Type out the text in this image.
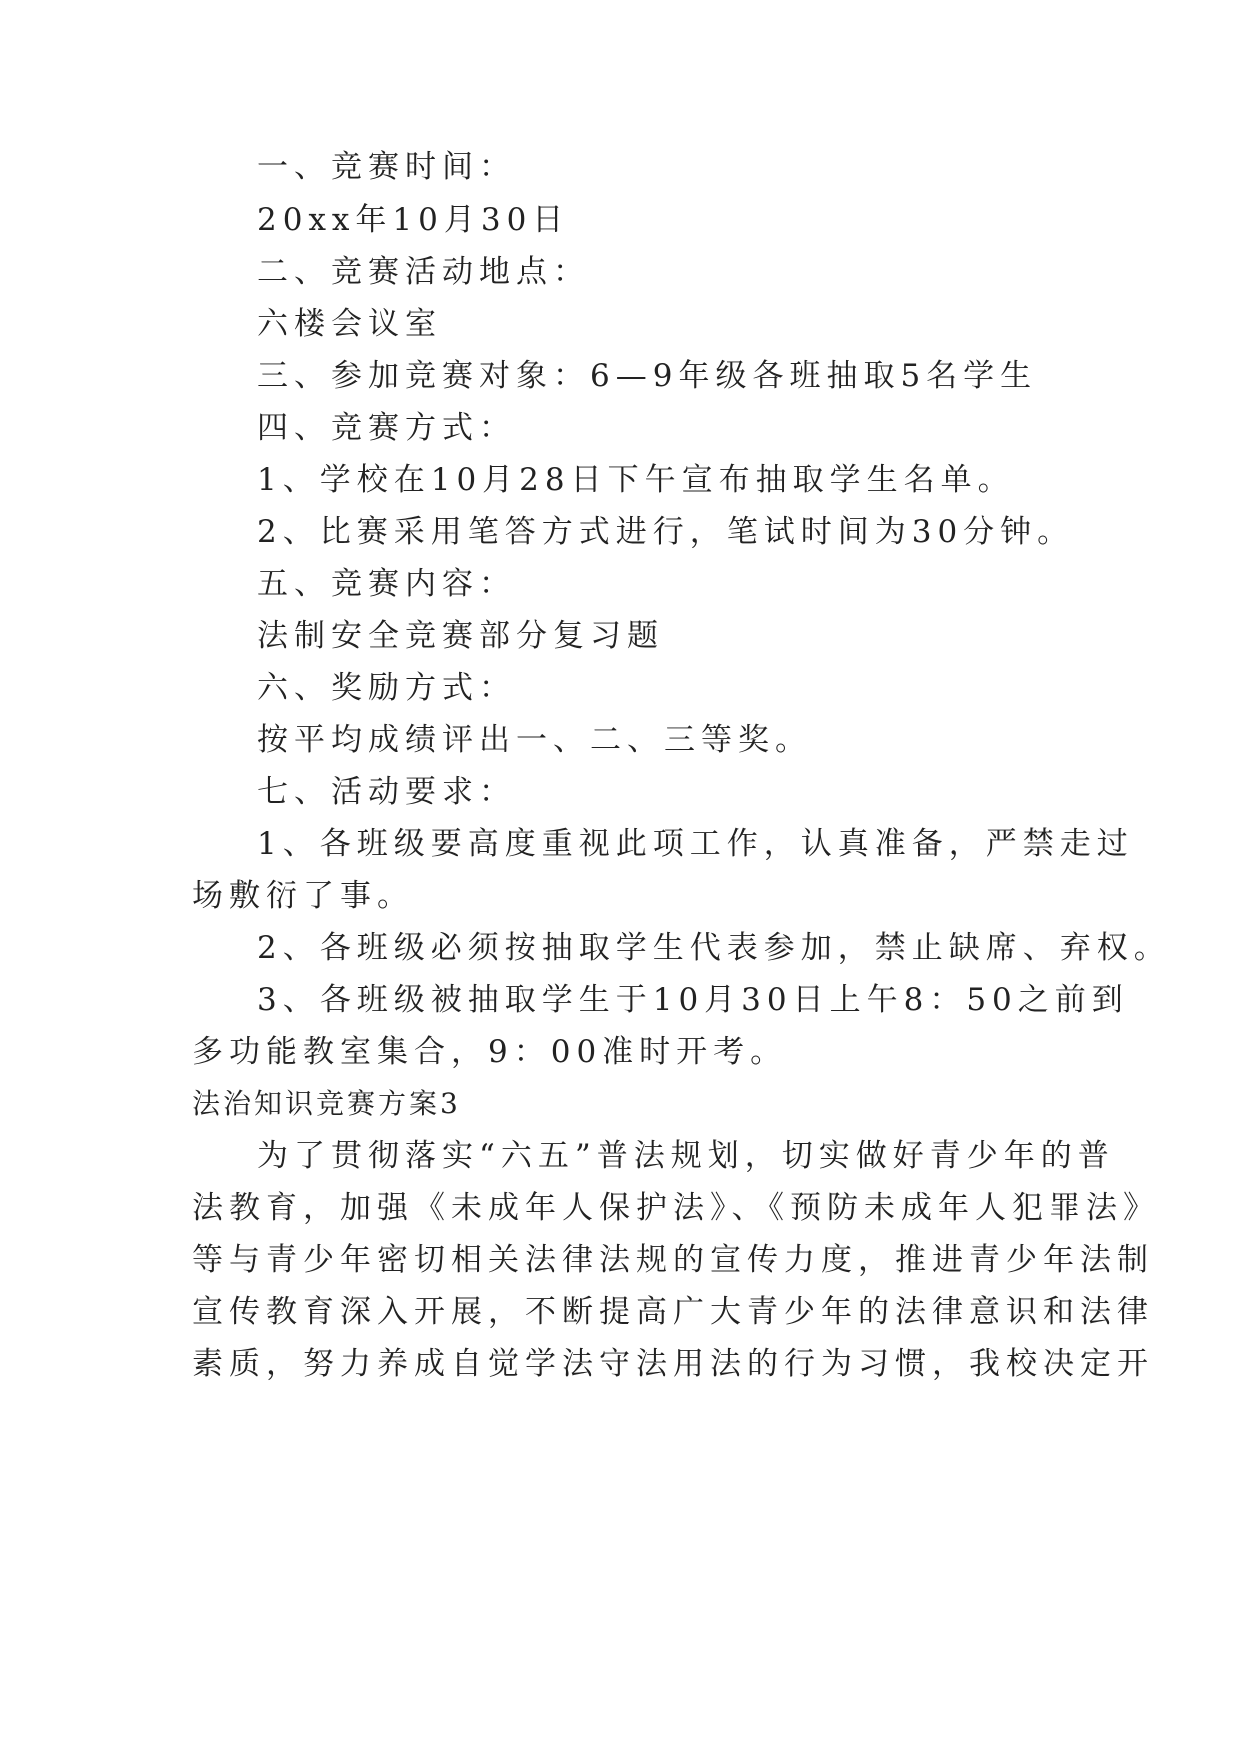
一、竞赛时间：

20xx年10月30日

二、竞赛活动地点：

六楼会议室

三、参加竞赛对象：6—9年级各班抽取5名学生

四、竞赛方式：

1、学校在10月28日下午宣布抽取学生名单。

2、比赛采用笔答方式进行，笔试时间为30分钟。

五、竞赛内容：

法制安全竞赛部分复习题

六、奖励方式：

按平均成绩评出一、二、三等奖。

七、活动要求：

1、各班级要高度重视此项工作，认真准备，严禁走过

场敷衍了事。

2、各班级必须按抽取学生代表参加，禁止缺席、弃权。

3、各班级被抽取学生于10月30日上午8：50之前到

多功能教室集合，9：00准时开考。

法治知识竞赛方案3

为了贯彻落实“六五”普法规划，切实做好青少年的普

法教育，加强《未成年人保护法》、《预防未成年人犯罪法》

等与青少年密切相关法律法规的宣传力度，推进青少年法制

宣传教育深入开展，不断提高广大青少年的法律意识和法律

素质，努力养成自觉学法守法用法的行为习惯，我校决定开
